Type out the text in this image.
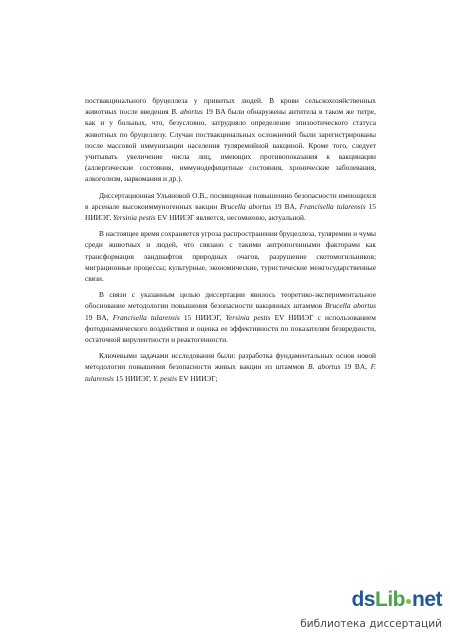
поствакцинального бруцеллеза у привитых людей. В крови сельскохозяйственных животных после введения B. abortus 19 BA были обнаружены антитела в таком же титре, как и у больных, что, безусловно, затрудняло определение эпизоотического статуса животных по бруцеллезу. Случаи поствакцинальных осложнений были зарегистрированы после массовой иммунизации населения туляремийной вакциной. Кроме того, следует учитывать увеличение числа лиц, имеющих противопоказания к вакцинации (аллергические состояния, иммунодефицитные состояния, хронические заболевания, алкоголизм, наркомания и др.).

Диссертационная Ульяновой О.В., посвященная повышению безопасности имеющихся в арсенале высокоиммуногенных вакцин Brucella abortus 19 BA, Francisella tularensis 15 НИИЭГ, Yersinia pestis EV НИИЭГ является, несомненно, актуальной.

В настоящее время сохраняется угроза распространения бруцеллеза, туляремии и чумы среди животных и людей, что связано с такими антропогенными факторами как трансформация ландшафтов природных очагов, разрушение скотомогильников; миграционные процессы; культурные, экономические, туристические межгосударственные связи.

В связи с указанным целью диссертации явилось теоретико-экспериментальное обоснование методологии повышения безопасности вакцинных штаммов Brucella abortus 19 BA, Francisella tularensis 15 НИИЭГ, Yersinia pestis EV НИИЭГ с использованием фотодинамического воздействия и оценка ее эффективности по показателям безвредности, остаточной вирулентности и реактогенности.

Ключевыми задачами исследования были: разработка фундаментальных основ новой методологии повышения безопасности живых вакцин из штаммов B. abortus 19 BA, F. tularensis 15 НИИЭГ, Y. pestis EV НИИЭГ;

dsLib net
библиотека диссертаций
